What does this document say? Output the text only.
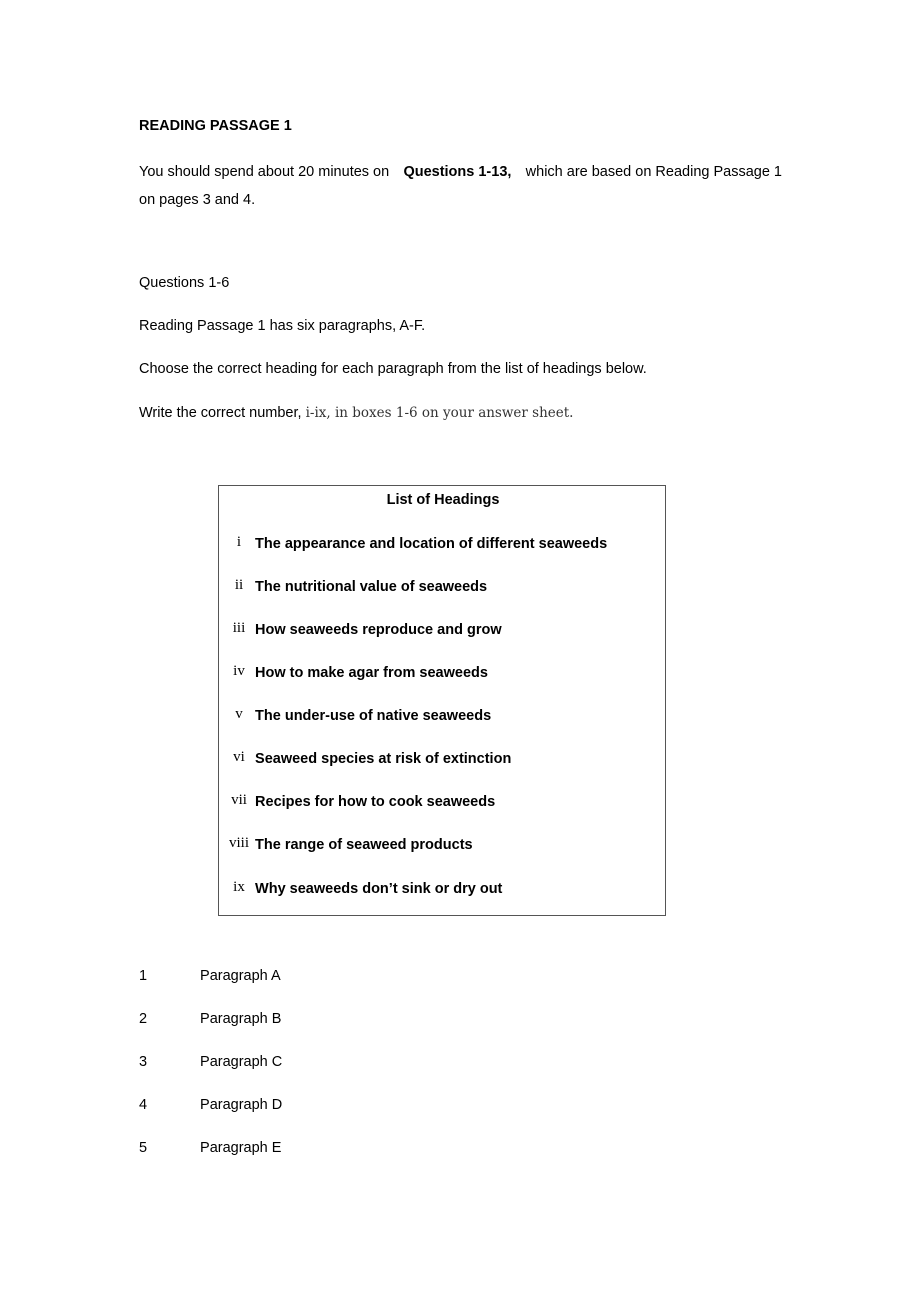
READING PASSAGE 1
You should spend about 20 minutes on Questions 1-13, which are based on Reading Passage 1
on pages 3 and 4.
Questions 1-6
Reading Passage 1 has six paragraphs, A-F.
Choose the correct heading for each paragraph from the list of headings below.
Write the correct number, i-ix, in boxes 1-6 on your answer sheet.
List of Headings
i The appearance and location of different seaweeds
ii The nutritional value of seaweeds
iii How seaweeds reproduce and grow
iv How to make agar from seaweeds
v The under-use of native seaweeds
vi Seaweed species at risk of extinction
vii Recipes for how to cook seaweeds
viii The range of seaweed products
ix Why seaweeds don’t sink or dry out
1	Paragraph A
2	Paragraph B
3	Paragraph C
4	Paragraph D
5	Paragraph E
